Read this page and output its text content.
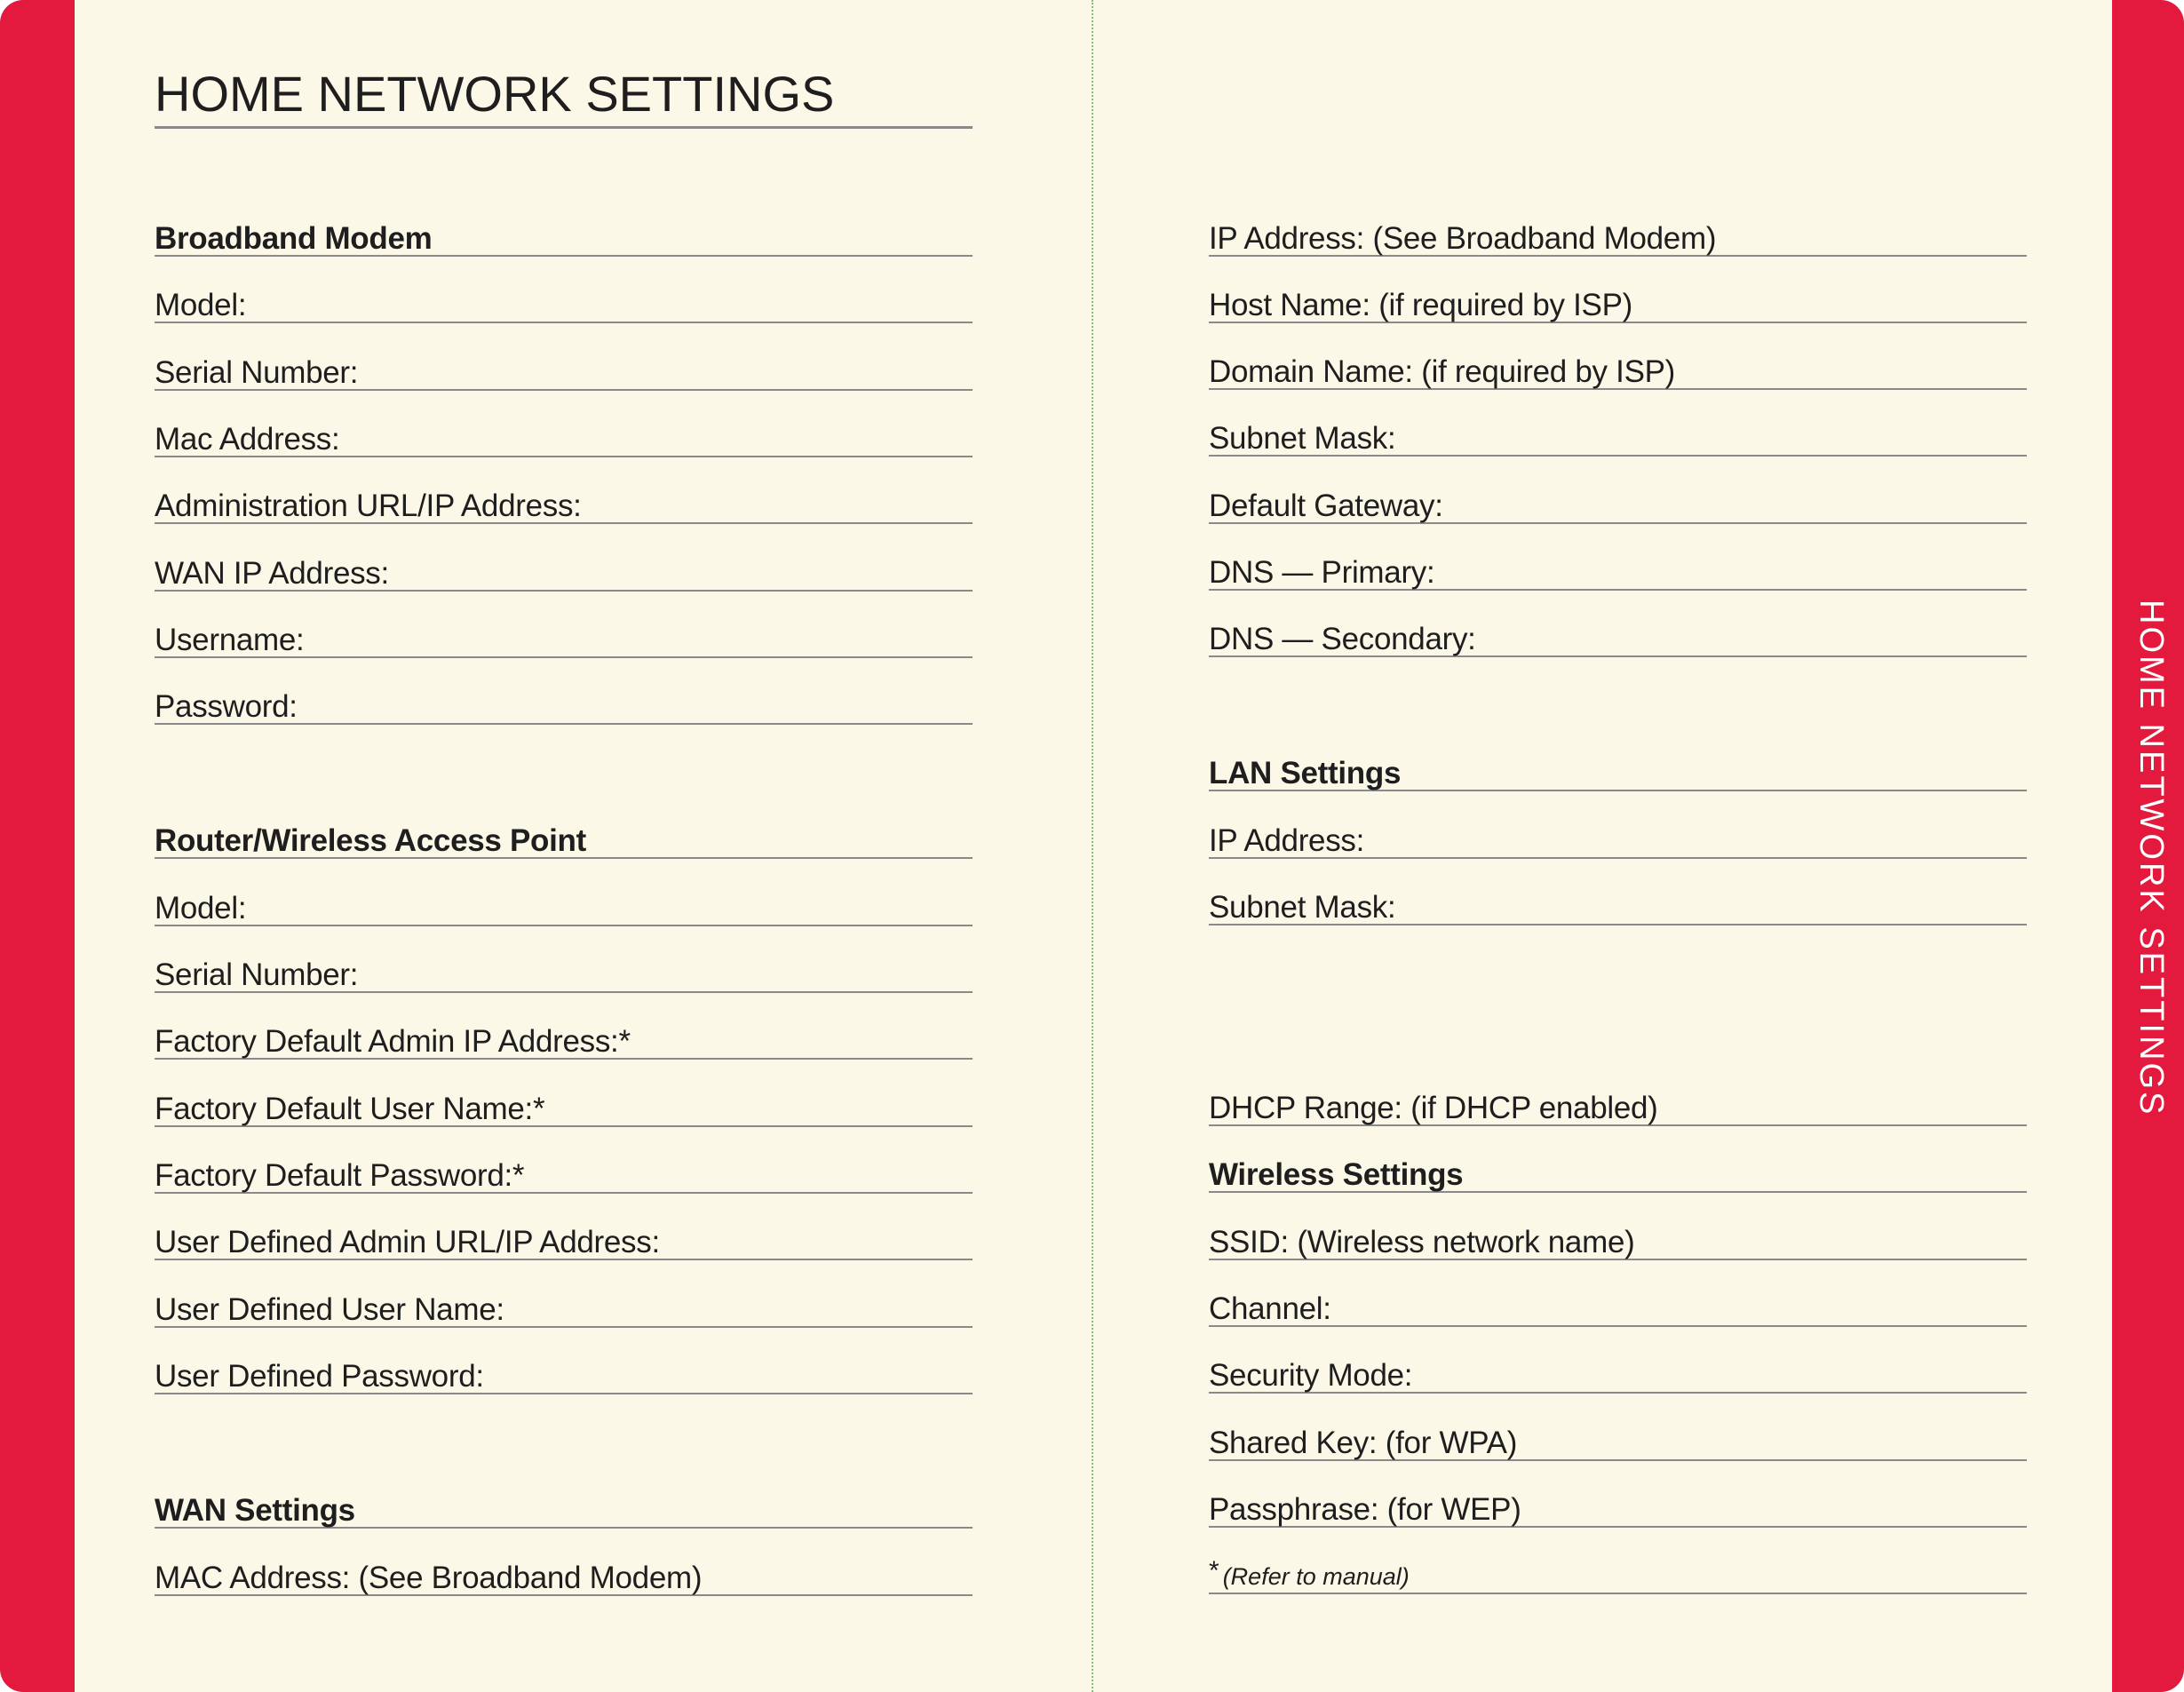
HOME NETWORK SETTINGS
Broadband Modem
Model:
Serial Number:
Mac Address:
Administration URL/IP Address:
WAN IP Address:
Username:
Password:
Router/Wireless Access Point
Model:
Serial Number:
Factory Default Admin IP Address:*
Factory Default User Name:*
Factory Default Password:*
User Defined Admin URL/IP Address:
User Defined User Name:
User Defined Password:
WAN Settings
MAC Address: (See Broadband Modem)	* (Refer to manual)
IP Address: (See Broadband Modem)
Host Name: (if required by ISP)
Domain Name: (if required by ISP)
Subnet Mask:
Default Gateway:
DNS — Primary:
DNS — Secondary:
LAN Settings
IP Address:
Subnet Mask:
DHCP Range: (if DHCP enabled)
Wireless Settings
SSID: (Wireless network name)
Channel:
Security Mode:
Shared Key: (for WPA)
Passphrase: (for WEP)
HOME NETWORK SETTINGS
